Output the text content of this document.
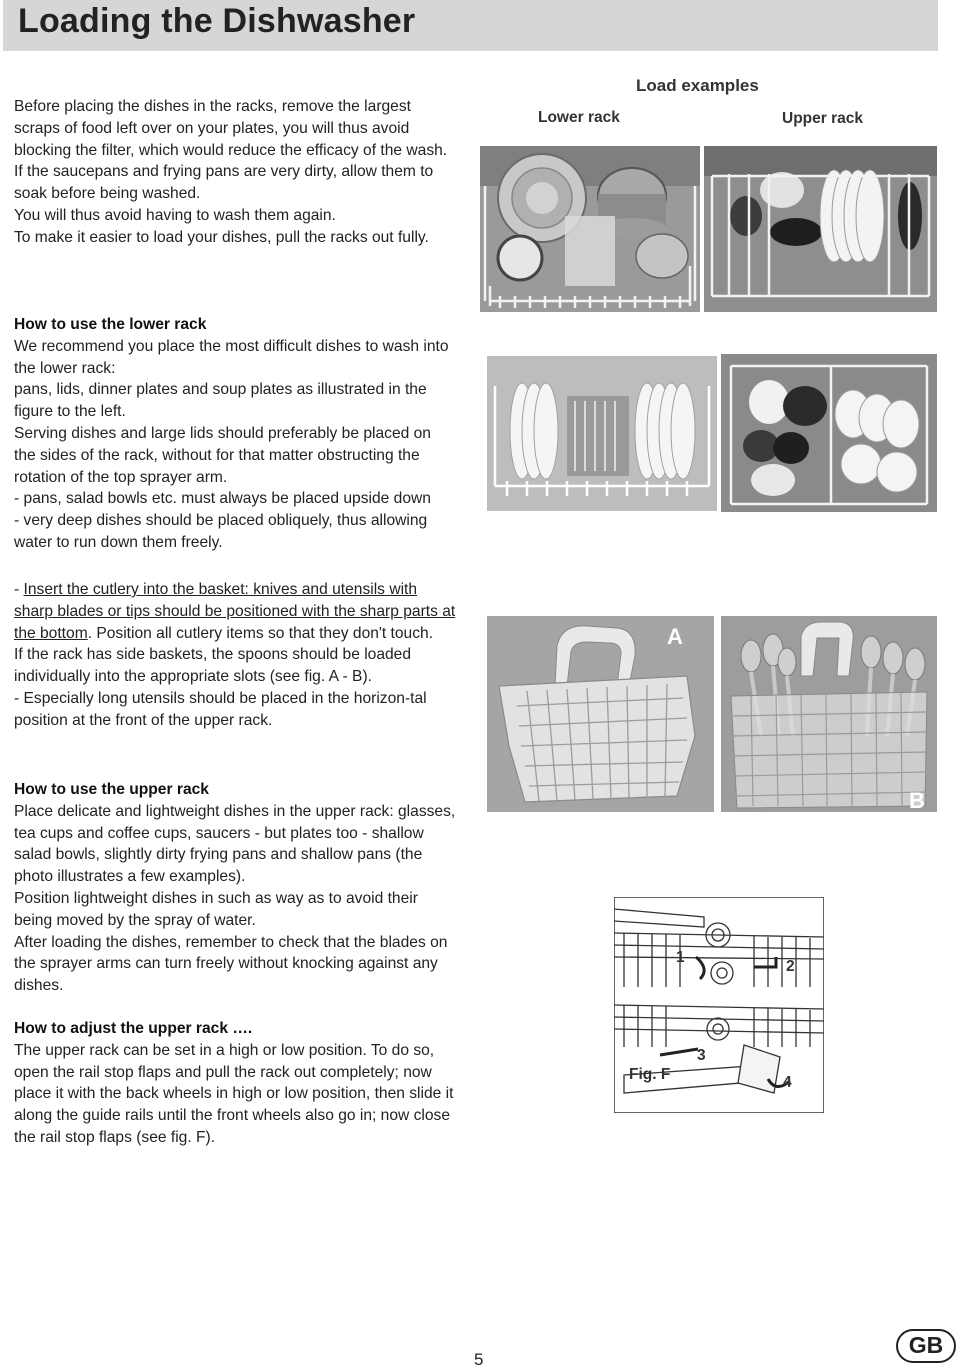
Loading the Dishwasher

Before placing the dishes in the racks, remove the largest scraps of food left over on your plates, you will thus avoid blocking the filter, which would reduce the efficacy of the wash.

If the saucepans and frying pans are very dirty, allow them to soak before being washed.

You will thus avoid having to wash them again.

To make it easier to load your dishes, pull the racks out fully.

How to use the lower rack

We recommend you place the most difficult dishes to wash into the lower rack:

pans, lids, dinner plates and soup plates as illustrated in the figure to the left.

Serving dishes and large lids should preferably be placed on the sides of the rack, without for that matter obstructing the rotation of the top sprayer arm.

- pans, salad bowls etc. must always be placed upside down

- very deep dishes should be placed obliquely, thus allowing water to run down them freely.

- Insert the cutlery into the basket: knives and utensils with sharp blades or tips should be positioned with the sharp parts at the bottom. Position all cutlery items so that they don't touch.

If the rack has side baskets, the spoons should be loaded individually into the appropriate slots (see fig. A - B).

- Especially long utensils should be placed in the horizon-tal position at the front of the upper rack.

How to use the upper rack

Place delicate and lightweight dishes in the upper rack: glasses, tea cups and coffee cups, saucers - but plates too - shallow salad bowls, slightly dirty frying pans and shallow pans (the photo illustrates a few examples).

Position lightweight dishes in such as way as to avoid their being moved by the spray of water.

After loading the dishes, remember to check that the blades on the sprayer arms can turn freely without knocking against any dishes.

How to adjust the upper rack ….

The upper rack can be set in a high or low position. To do so, open the rail stop flaps and pull the rack out completely; now place it with the back wheels in high or low position, then slide it along the guide rails until the front wheels also go in; now close the rail stop flaps (see fig. F).

Load examples
Lower rack	Upper rack
A
B
1
2
3
4
Fig. F
5
GB
